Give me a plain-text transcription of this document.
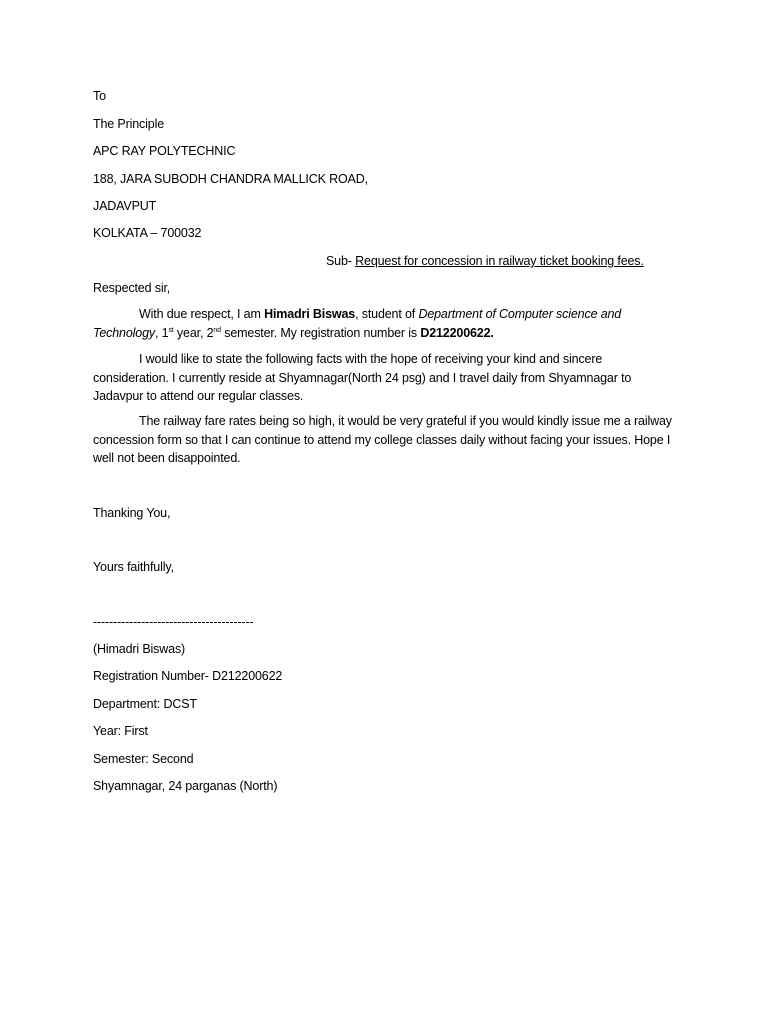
To
The Principle
APC RAY POLYTECHNIC
188, JARA SUBODH CHANDRA MALLICK ROAD,
JADAVPUT
KOLKATA – 700032
Sub- Request for concession in railway ticket booking fees.
Respected sir,
With due respect, I am Himadri Biswas, student of Department of Computer science and Technology, 1st year, 2nd semester. My registration number is D212200622.
I would like to state the following facts with the hope of receiving your kind and sincere consideration. I currently reside at Shyamnagar(North 24 psg) and I travel daily from Shyamnagar to Jadavpur to attend our regular classes.
The railway fare rates being so high, it would be very grateful if you would kindly issue me a railway concession form so that I can continue to attend my college classes daily without facing your issues. Hope I well not been disappointed.
Thanking You,
Yours faithfully,
----------------------------------------
(Himadri Biswas)
Registration Number- D212200622
Department: DCST
Year: First
Semester: Second
Shyamnagar, 24 parganas (North)
